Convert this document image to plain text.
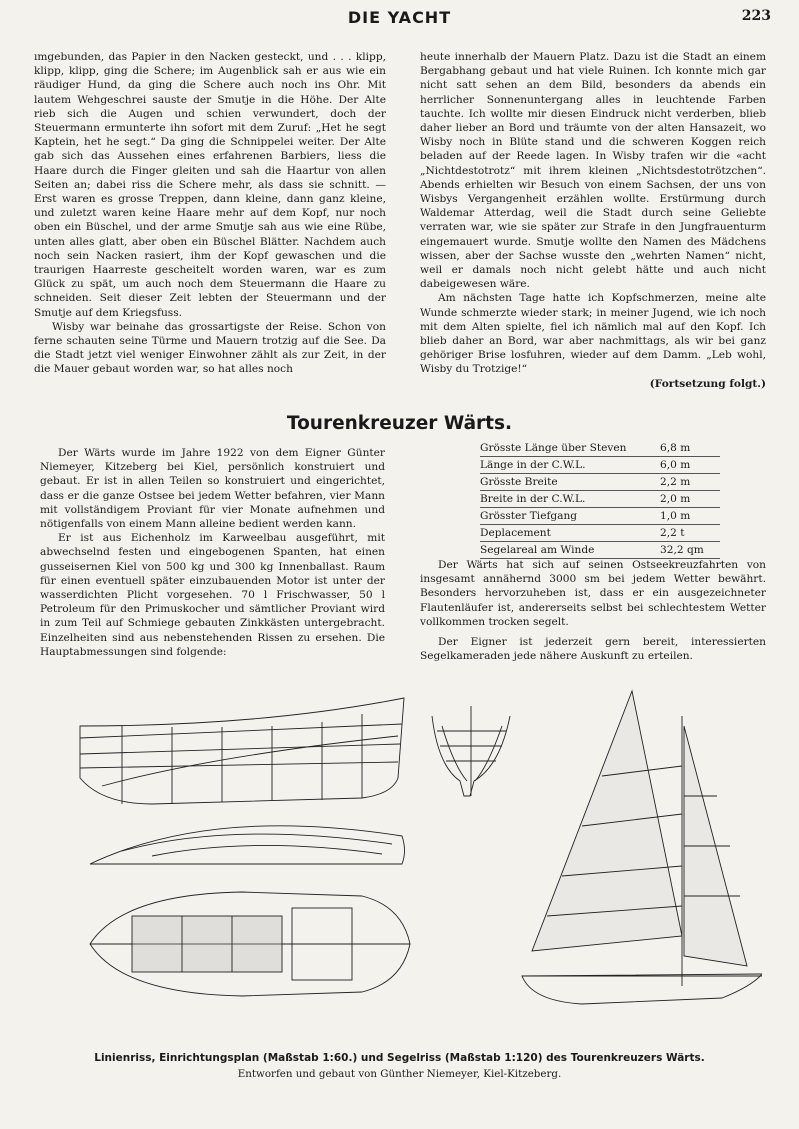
DIE YACHT	223

ımgebunden, das Papier in den Nacken gesteckt, und . . . klipp, klipp, klipp, ging die Schere; im Augenblick sah er aus wie ein räudiger Hund, da ging die Schere auch noch ins Ohr. Mit lautem Wehgeschrei sauste der Smutje in die Höhe. Der Alte rieb sich die Augen und schien verwundert, doch der Steuermann ermunterte ihn sofort mit dem Zuruf: „Het he segt Kaptein, het he segt.“ Da ging die Schnippelei weiter. Der Alte gab sich das Aussehen eines erfahrenen Barbiers, liess die Haare durch die Finger gleiten und sah die Haartur von allen Seiten an; dabei riss die Schere mehr, als dass sie schnitt. — Erst waren es grosse Treppen, dann kleine, dann ganz kleine, und zuletzt waren keine Haare mehr auf dem Kopf, nur noch oben ein Büschel, und der arme Smutje sah aus wie eine Rübe, unten alles glatt, aber oben ein Büschel Blätter. Nachdem auch noch sein Nacken rasiert, ihm der Kopf gewaschen und die traurigen Haarreste gescheitelt worden waren, war es zum Glück zu spät, um auch noch dem Steuermann die Haare zu schneiden. Seit dieser Zeit lebten der Steuermann und der Smutje auf dem Kriegsfuss.

Wisby war beinahe das grossartigste der Reise. Schon von ferne schauten seine Türme und Mauern trotzig auf die See. Da die Stadt jetzt viel weniger Einwohner zählt als zur Zeit, in der die Mauer gebaut worden war, so hat alles noch

heute innerhalb der Mauern Platz. Dazu ist die Stadt an einem Bergabhang gebaut und hat viele Ruinen. Ich konnte mich gar nicht satt sehen an dem Bild, besonders da abends ein herrlicher Sonnenuntergang alles in leuchtende Farben tauchte. Ich wollte mir diesen Eindruck nicht verderben, blieb daher lieber an Bord und träumte von der alten Hansazeit, wo Wisby noch in Blüte stand und die schweren Koggen reich beladen auf der Reede lagen. In Wisby trafen wir die «acht „Nichtdestotrotz“ mit ihrem kleinen „Nichtsdestotrötzchen“. Abends erhielten wir Besuch von einem Sachsen, der uns von Wisbys Vergangenheit erzählen wollte. Erstürmung durch Waldemar Atterdag, weil die Stadt durch seine Geliebte verraten war, wie sie später zur Strafe in den Jungfrauenturm eingemauert wurde. Smutje wollte den Namen des Mädchens wissen, aber der Sachse wusste den „wehrten Namen“ nicht, weil er damals noch nicht gelebt hätte und auch nicht dabeigewesen wäre.

Am nächsten Tage hatte ich Kopfschmerzen, meine alte Wunde schmerzte wieder stark; in meiner Jugend, wie ich noch mit dem Alten spielte, fiel ich nämlich mal auf den Kopf. Ich blieb daher an Bord, war aber nachmittags, als wir bei ganz gehöriger Brise losfuhren, wieder auf dem Damm. „Leb wohl, Wisby du Trotzige!“

(Fortsetzung folgt.)
Tourenkreuzer Wärts.

Der Wärts wurde im Jahre 1922 von dem Eigner Günter Niemeyer, Kitzeberg bei Kiel, persönlich konstruiert und gebaut. Er ist in allen Teilen so konstruiert und eingerichtet, dass er die ganze Ostsee bei jedem Wetter befahren, vier Mann mit vollständigem Proviant für vier Monate aufnehmen und nötigenfalls von einem Mann alleine bedient werden kann.

Er ist aus Eichenholz im Karweelbau ausgeführt, mit abwechselnd festen und eingebogenen Spanten, hat einen gusseisernen Kiel von 500 kg und 300 kg Innenballast. Raum für einen eventuell später einzubauenden Motor ist unter der wasserdichten Plicht vorgesehen. 70 l Frischwasser, 50 l Petroleum für den Primuskocher und sämtlicher Proviant wird in zum Teil auf Schmiege gebauten Zinkkästen untergebracht. Einzelheiten sind aus nebenstehenden Rissen zu ersehen. Die Hauptabmessungen sind folgende:

Grösste Länge über Steven	6,8 m
Länge in der C.W.L.	6,0 m
Grösste Breite	2,2 m
Breite in der C.W.L.	2,0 m
Grösster Tiefgang	1,0 m
Deplacement	2,2 t
Segelareal am Winde	32,2 qm

Der Wärts hat sich auf seinen Ostseekreuzfahrten von insgesamt annähernd 3000 sm bei jedem Wetter bewährt. Besonders hervorzuheben ist, dass er ein ausgezeichneter Flautenläufer ist, andererseits selbst bei schlechtestem Wetter vollkommen trocken segelt.

Der Eigner ist jederzeit gern bereit, interessierten Segelkameraden jede nähere Auskunft zu erteilen.

Linienriss, Einrichtungsplan (Maßstab 1:60.) und Segelriss (Maßstab 1:120) des Tourenkreuzers Wärts.
Entworfen und gebaut von Günther Niemeyer, Kiel-Kitzeberg.
